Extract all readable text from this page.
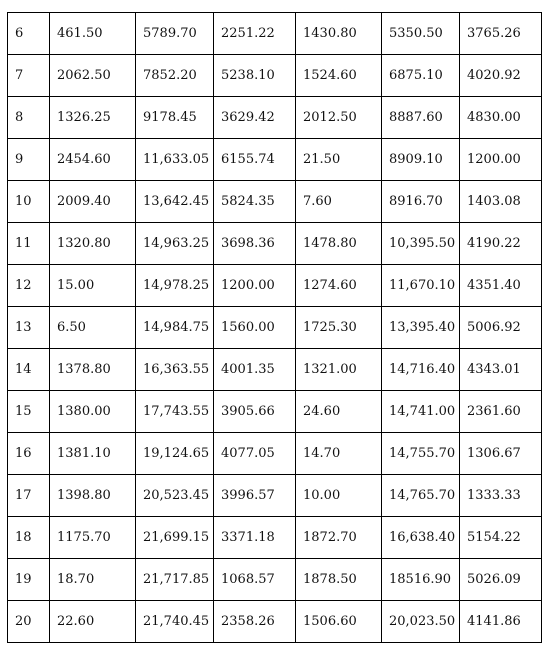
6	461.50	5789.70	2251.22	1430.80	5350.50	3765.26
7	2062.50	7852.20	5238.10	1524.60	6875.10	4020.92
8	1326.25	9178.45	3629.42	2012.50	8887.60	4830.00
9	2454.60	11,633.05	6155.74	21.50	8909.10	1200.00
10	2009.40	13,642.45	5824.35	7.60	8916.70	1403.08
11	1320.80	14,963.25	3698.36	1478.80	10,395.50	4190.22
12	15.00	14,978.25	1200.00	1274.60	11,670.10	4351.40
13	6.50	14,984.75	1560.00	1725.30	13,395.40	5006.92
14	1378.80	16,363.55	4001.35	1321.00	14,716.40	4343.01
15	1380.00	17,743.55	3905.66	24.60	14,741.00	2361.60
16	1381.10	19,124.65	4077.05	14.70	14,755.70	1306.67
17	1398.80	20,523.45	3996.57	10.00	14,765.70	1333.33
18	1175.70	21,699.15	3371.18	1872.70	16,638.40	5154.22
19	18.70	21,717.85	1068.57	1878.50	18516.90	5026.09
20	22.60	21,740.45	2358.26	1506.60	20,023.50	4141.86
